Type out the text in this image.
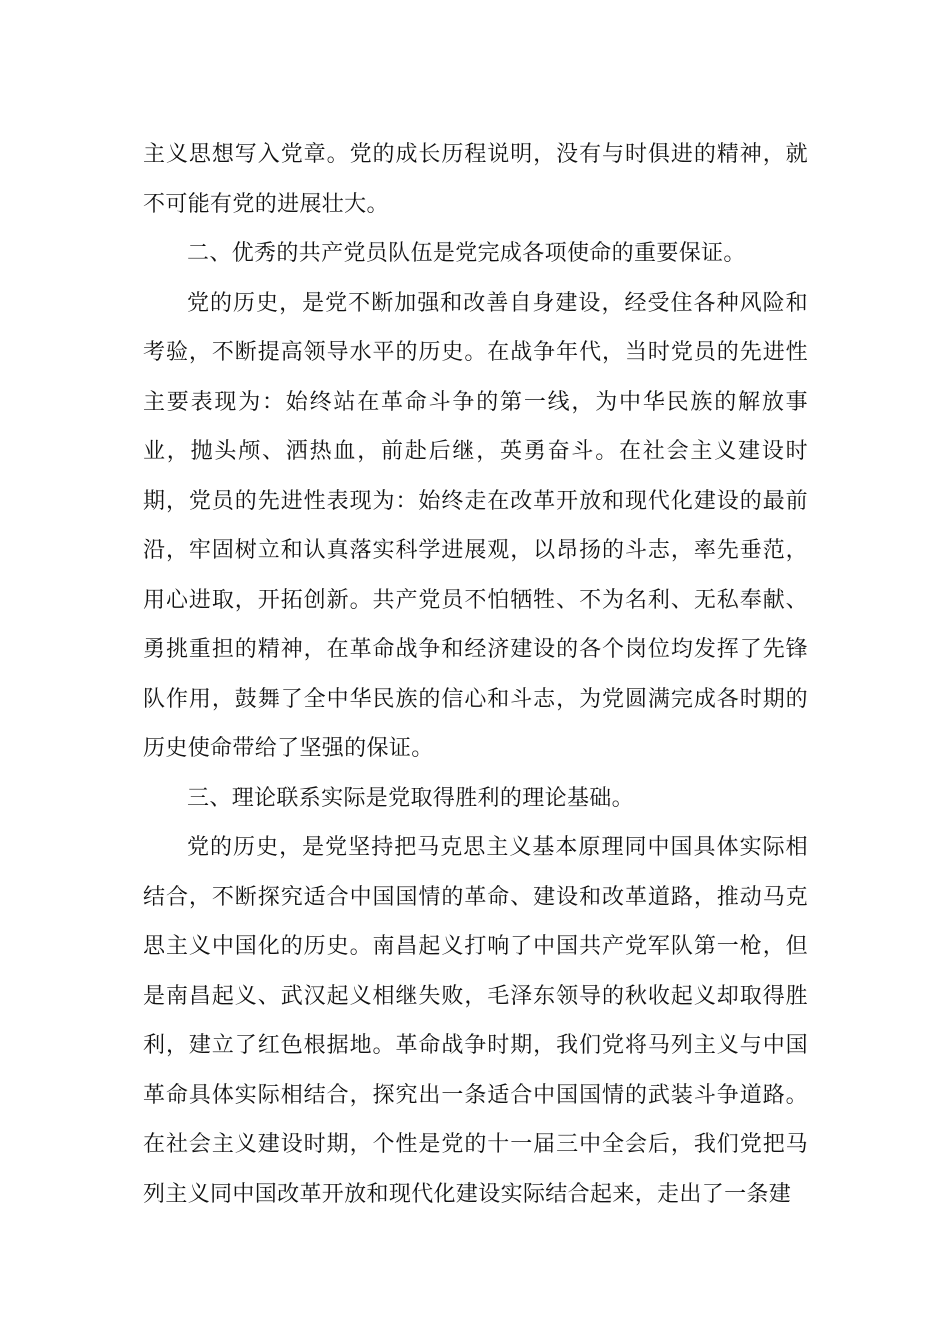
主义思想写入党章。党的成长历程说明，没有与时俱进的精神，就不可能有党的进展壮大。

二、优秀的共产党员队伍是党完成各项使命的重要保证。

党的历史，是党不断加强和改善自身建设，经受住各种风险和考验，不断提高领导水平的历史。在战争年代，当时党员的先进性主要表现为：始终站在革命斗争的第一线，为中华民族的解放事业，抛头颅、洒热血，前赴后继，英勇奋斗。在社会主义建设时期，党员的先进性表现为：始终走在改革开放和现代化建设的最前沿，牢固树立和认真落实科学进展观，以昂扬的斗志，率先垂范，用心进取，开拓创新。共产党员不怕牺牲、不为名利、无私奉献、勇挑重担的精神，在革命战争和经济建设的各个岗位均发挥了先锋队作用，鼓舞了全中华民族的信心和斗志，为党圆满完成各时期的历史使命带给了坚强的保证。

三、理论联系实际是党取得胜利的理论基础。

党的历史，是党坚持把马克思主义基本原理同中国具体实际相结合，不断探究适合中国国情的革命、建设和改革道路，推动马克思主义中国化的历史。南昌起义打响了中国共产党军队第一枪，但是南昌起义、武汉起义相继失败，毛泽东领导的秋收起义却取得胜利，建立了红色根据地。革命战争时期，我们党将马列主义与中国革命具体实际相结合，探究出一条适合中国国情的武装斗争道路。在社会主义建设时期，个性是党的十一届三中全会后，我们党把马列主义同中国改革开放和现代化建设实际结合起来，走出了一条建
